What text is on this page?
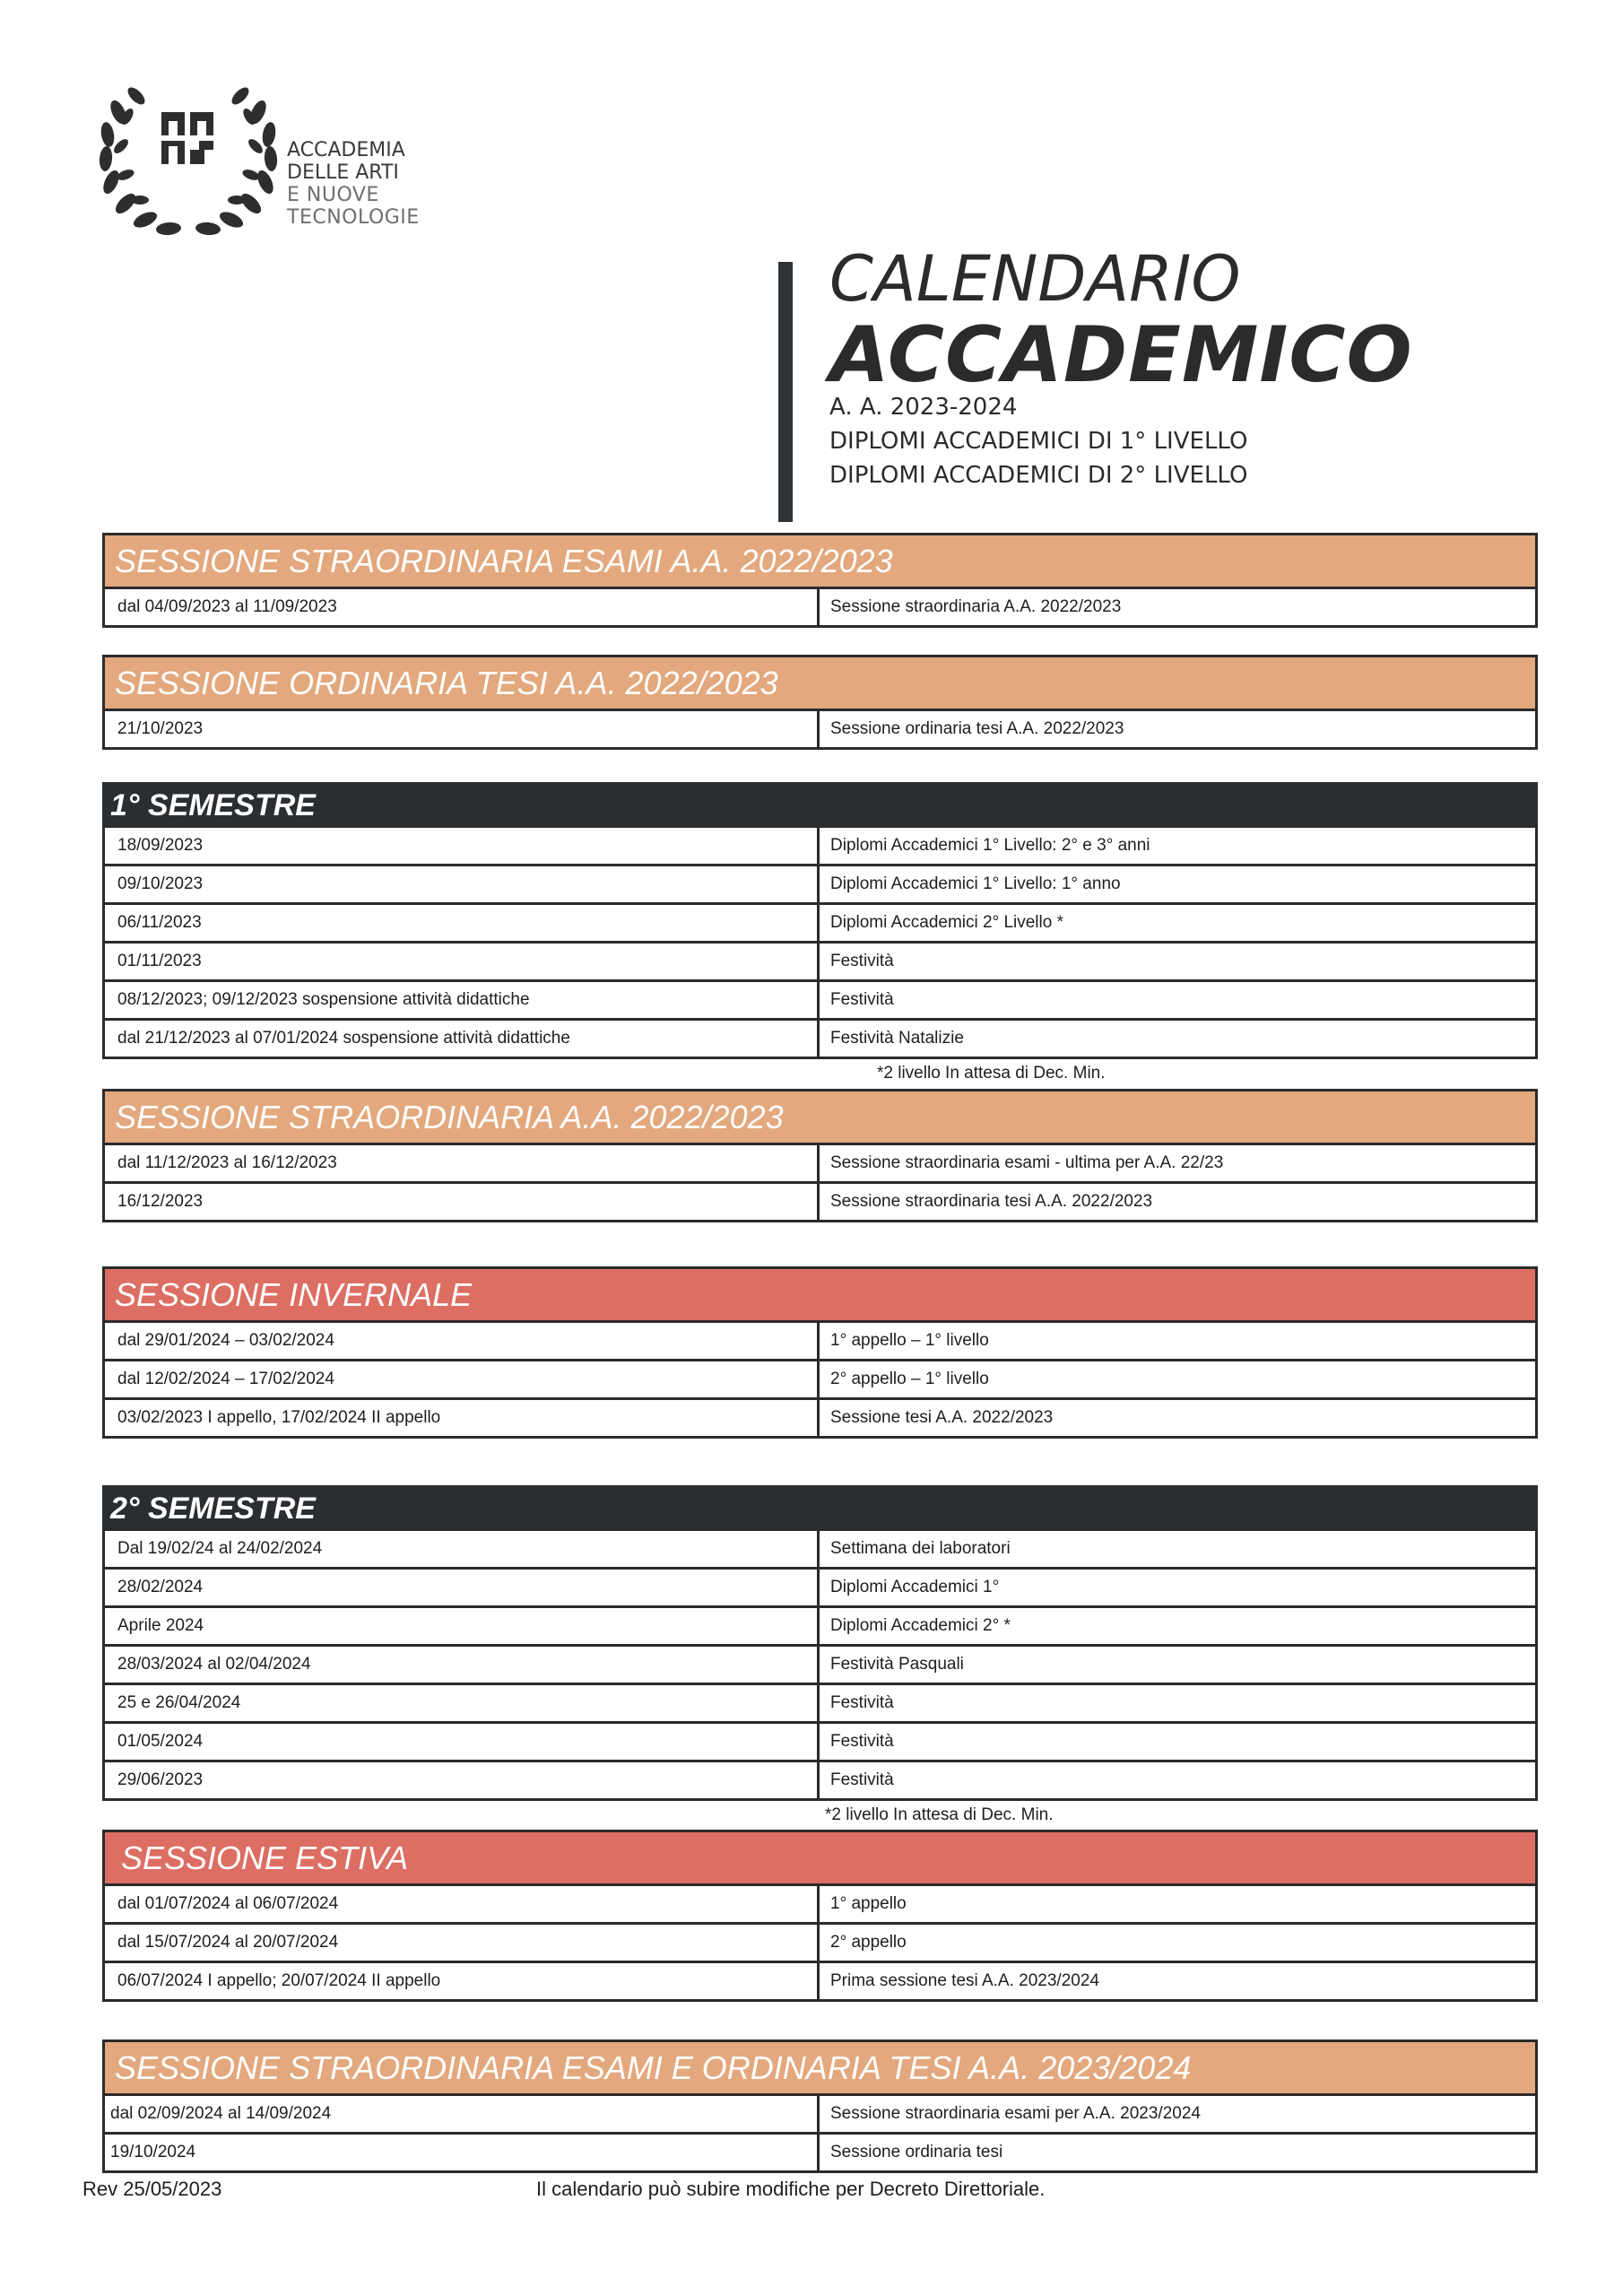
ACCADEMIA
DELLE ARTI
E NUOVE
TECNOLOGIE
CALENDARIO
ACCADEMICO
A. A. 2023-2024
DIPLOMI ACCADEMICI DI 1° LIVELLO
DIPLOMI ACCADEMICI DI 2° LIVELLO
SESSIONE STRAORDINARIA ESAMI A.A. 2022/2023
dal 04/09/2023 al 11/09/2023	Sessione straordinaria A.A. 2022/2023
SESSIONE ORDINARIA TESI A.A. 2022/2023
21/10/2023	Sessione ordinaria tesi A.A. 2022/2023
1° SEMESTRE
18/09/2023	Diplomi Accademici 1° Livello: 2° e 3° anni
09/10/2023	Diplomi Accademici 1° Livello: 1° anno
06/11/2023	Diplomi Accademici 2° Livello *
01/11/2023	Festività
08/12/2023; 09/12/2023 sospensione attività didattiche	Festività
dal 21/12/2023 al 07/01/2024 sospensione attività didattiche	Festività Natalizie
*2 livello In attesa di Dec. Min.
SESSIONE STRAORDINARIA A.A. 2022/2023
dal 11/12/2023 al 16/12/2023	Sessione straordinaria esami - ultima per A.A. 22/23
16/12/2023	Sessione straordinaria tesi A.A. 2022/2023
SESSIONE INVERNALE
dal 29/01/2024 – 03/02/2024	1° appello – 1° livello
dal 12/02/2024 – 17/02/2024	2° appello – 1° livello
03/02/2023 I appello, 17/02/2024 II appello	Sessione tesi A.A. 2022/2023
2° SEMESTRE
Dal 19/02/24 al 24/02/2024	Settimana dei laboratori
28/02/2024	Diplomi Accademici 1°
Aprile 2024	Diplomi Accademici 2° *
28/03/2024 al 02/04/2024	Festività Pasquali
25 e 26/04/2024	Festività
01/05/2024	Festività
29/06/2023	Festività
*2 livello In attesa di Dec. Min.
SESSIONE ESTIVA
dal 01/07/2024 al 06/07/2024	1° appello
dal 15/07/2024 al 20/07/2024	2° appello
06/07/2024 I appello; 20/07/2024 II appello	Prima sessione tesi A.A. 2023/2024
SESSIONE STRAORDINARIA ESAMI E ORDINARIA TESI A.A. 2023/2024
dal 02/09/2024 al 14/09/2024	Sessione straordinaria esami per A.A. 2023/2024
19/10/2024	Sessione ordinaria tesi
Rev 25/05/2023	Il calendario può subire modifiche per Decreto Direttoriale.
